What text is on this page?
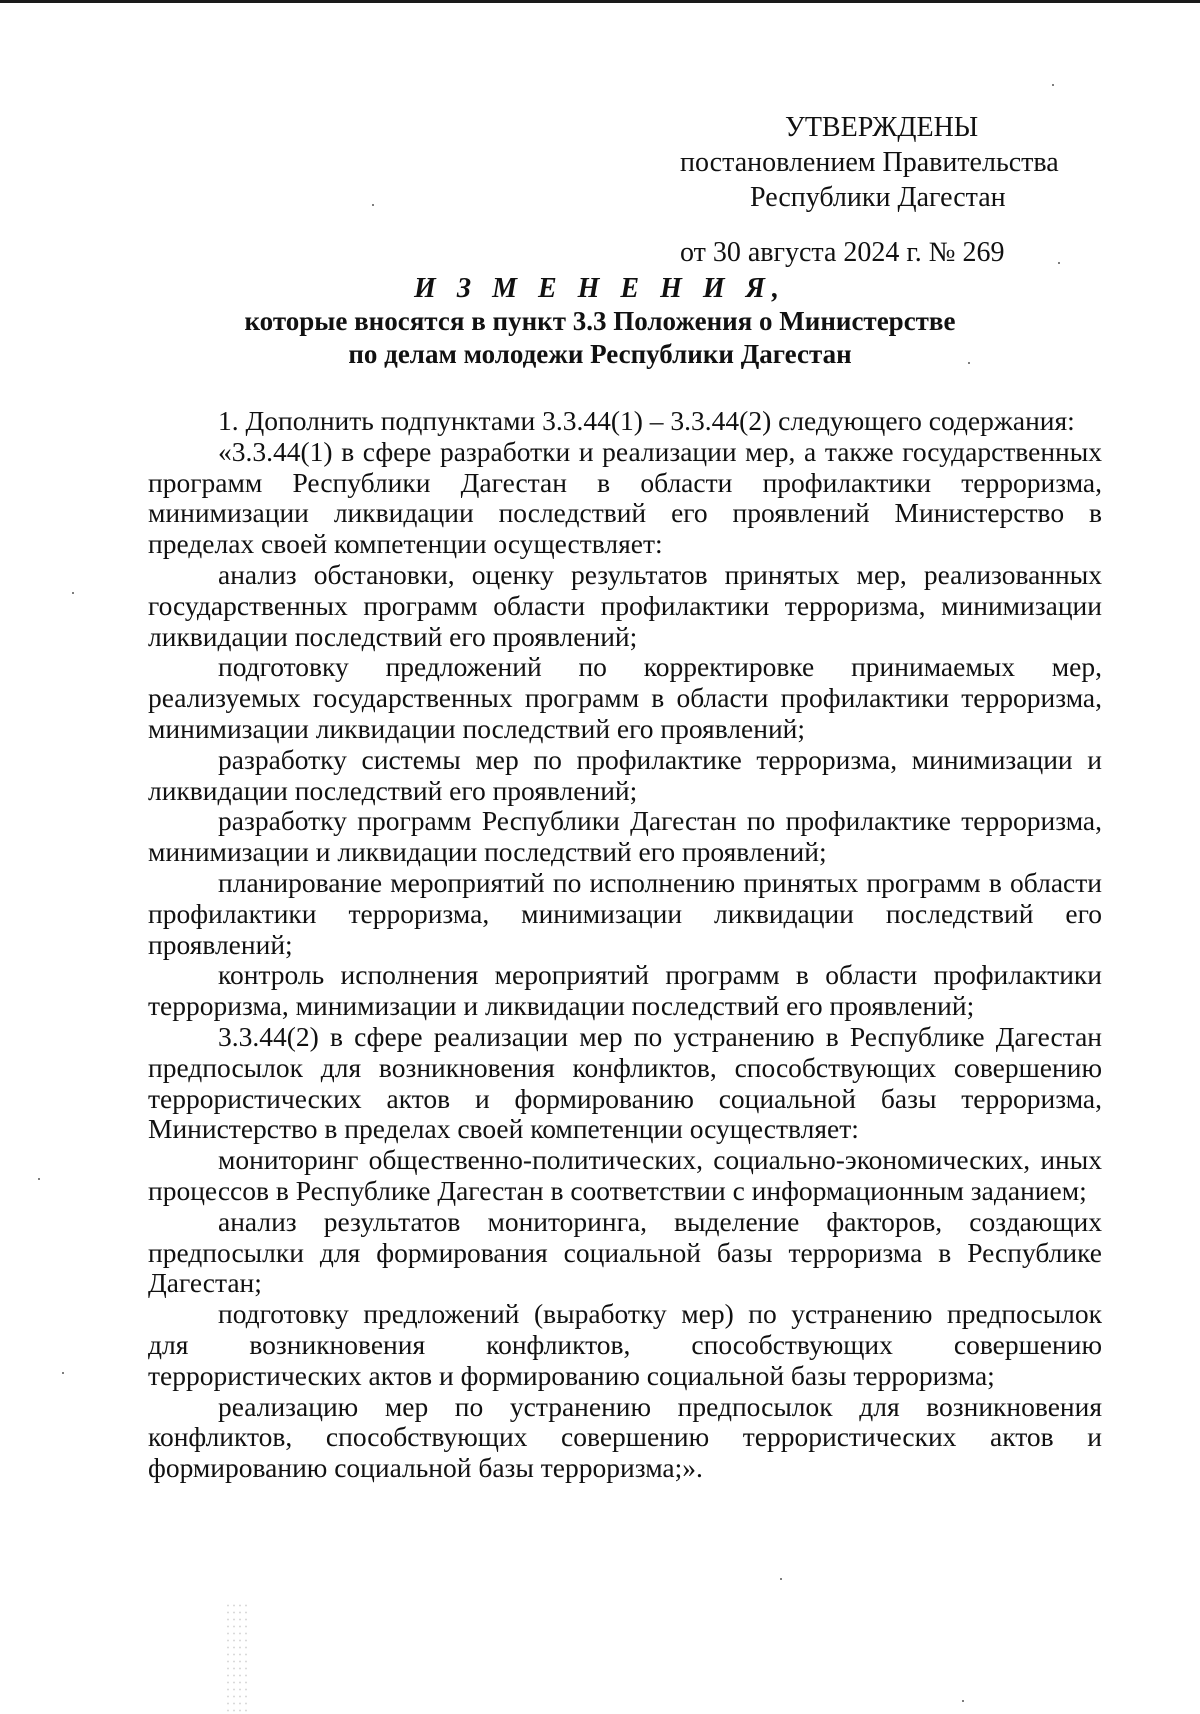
УТВЕРЖДЕНЫ
постановлением Правительства
Республики Дагестан
от 30 августа 2024 г. № 269
И З М Е Н Е Н И Я,
которые вносятся в пункт 3.3 Положения о Министерстве
по делам молодежи Республики Дагестан

1. Дополнить подпунктами 3.3.44(1) – 3.3.44(2) следующего содержания:

«3.3.44(1) в сфере разработки и реализации мер, а также государственных программ Республики Дагестан в области профилактики терроризма, минимизации ликвидации последствий его проявлений Министерство в пределах своей компетенции осуществляет:

анализ обстановки, оценку результатов принятых мер, реализованных государственных программ области профилактики терроризма, минимизации ликвидации последствий его проявлений;

подготовку предложений по корректировке принимаемых мер, реализуемых государственных программ в области профилактики терроризма, минимизации ликвидации последствий его проявлений;

разработку системы мер по профилактике терроризма, минимизации и ликвидации последствий его проявлений;

разработку программ Республики Дагестан по профилактике терроризма, минимизации и ликвидации последствий его проявлений;

планирование мероприятий по исполнению принятых программ в области профилактики терроризма, минимизации ликвидации последствий его проявлений;

контроль исполнения мероприятий программ в области профилактики терроризма, минимизации и ликвидации последствий его проявлений;

3.3.44(2) в сфере реализации мер по устранению в Республике Дагестан предпосылок для возникновения конфликтов, способствующих совершению террористических актов и формированию социальной базы терроризма, Министерство в пределах своей компетенции осуществляет:

мониторинг общественно-политических, социально-экономических, иных процессов в Республике Дагестан в соответствии с информационным заданием;

анализ результатов мониторинга, выделение факторов, создающих предпосылки для формирования социальной базы терроризма в Республике Дагестан;

подготовку предложений (выработку мер) по устранению предпосылок для возникновения конфликтов, способствующих совершению террористических актов и формированию социальной базы терроризма;

реализацию мер по устранению предпосылок для возникновения конфликтов, способствующих совершению террористических актов и формированию социальной базы терроризма;».
